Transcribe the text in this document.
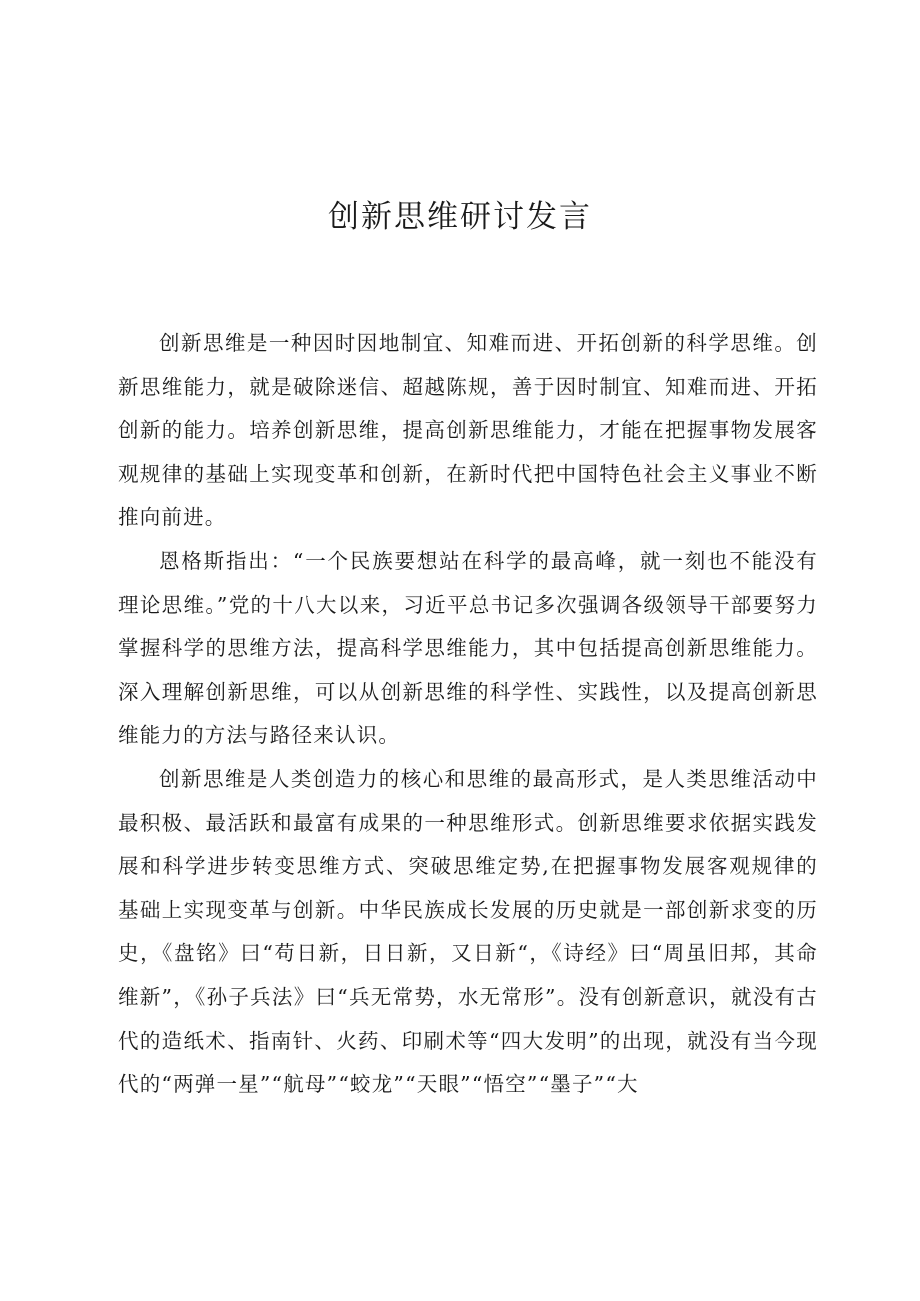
创新思维研讨发言

创新思维是一种因时因地制宜、知难而进、开拓创新的科学思维。创新思维能力，就是破除迷信、超越陈规，善于因时制宜、知难而进、开拓创新的能力。培养创新思维，提高创新思维能力，才能在把握事物发展客观规律的基础上实现变革和创新，在新时代把中国特色社会主义事业不断推向前进。

恩格斯指出：“一个民族要想站在科学的最高峰，就一刻也不能没有理论思维。”党的十八大以来，习近平总书记多次强调各级领导干部要努力掌握科学的思维方法，提高科学思维能力，其中包括提高创新思维能力。深入理解创新思维，可以从创新思维的科学性、实践性，以及提高创新思维能力的方法与路径来认识。

创新思维是人类创造力的核心和思维的最高形式，是人类思维活动中最积极、最活跃和最富有成果的一种思维形式。创新思维要求依据实践发展和科学进步转变思维方式、突破思维定势,在把握事物发展客观规律的基础上实现变革与创新。中华民族成长发展的历史就是一部创新求变的历史，《盘铭》曰“苟日新，日日新，又日新“，《诗经》曰“周虽旧邦，其命维新”，《孙子兵法》曰“兵无常势，水无常形”。没有创新意识，就没有古代的造纸术、指南针、火药、印刷术等“四大发明”的出现，就没有当今现代的“两弹一星”“航母”“蛟龙”“天眼”“悟空”“墨子”“大
